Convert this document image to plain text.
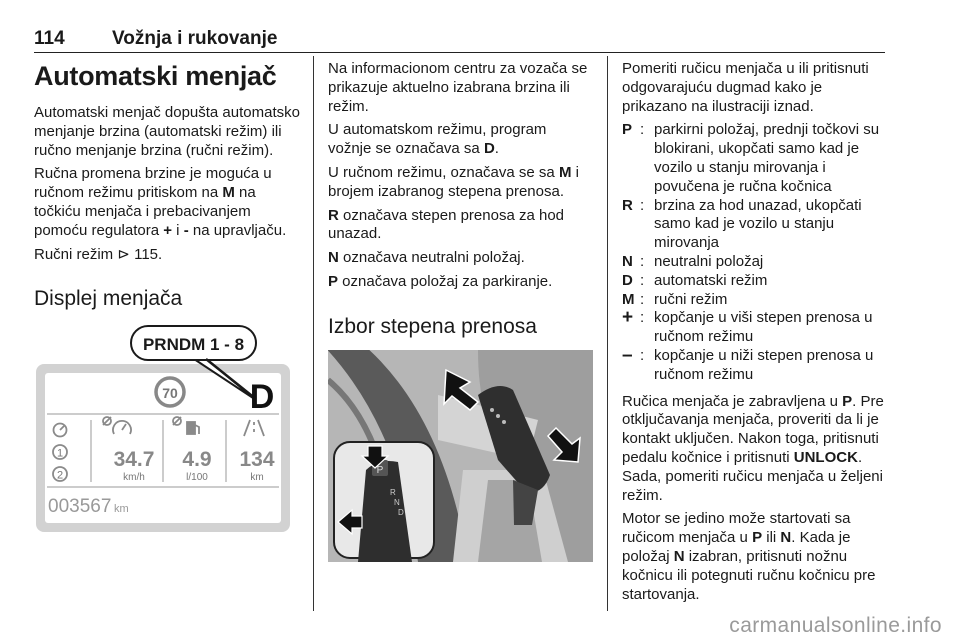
114 Vožnja i rukovanje
Automatski menjač

Automatski menjač dopušta automatsko menjanje brzina (automatski režim) ili ručno menjanje brzina (ručni režim).

Ručna promena brzine je moguća u ručnom režimu pritiskom na M na točkiću menjača i prebacivanjem pomoću regulatora + i - na upravljaču.

Ručni režim ⊳ 115.

Displej menjača
PRNDM 1 - 8
70 D
1
2
34.7
km/h
4.9
l/100
134
km
003567 km

Na informacionom centru za vozača se prikazuje aktuelno izabrana brzina ili režim.

U automatskom režimu, program vožnje se označava sa D.

U ručnom režimu, označava se sa M i brojem izabranog stepena prenosa.

R označava stepen prenosa za hod unazad.

N označava neutralni položaj.

P označava položaj za parkiranje.

Izbor stepena prenosa
P
R
N
D

Pomeriti ručicu menjača u ili pritisnuti odgovarajuću dugmad kako je prikazano na ilustraciji iznad.

P : parkirni položaj, prednji točkovi su blokirani, ukopčati samo kad je vozilo u stanju mirovanja i povučena je ručna kočnica
R : brzina za hod unazad, ukopčati samo kad je vozilo u stanju mirovanja
N : neutralni položaj
D : automatski režim
M : ručni režim
+ : kopčanje u viši stepen prenosa u ručnom režimu
– : kopčanje u niži stepen prenosa u ručnom režimu

Ručica menjača je zabravljena u P. Pre otključavanja menjača, proveriti da li je kontakt uključen. Nakon toga, pritisnuti pedalu kočnice i pritisnuti UNLOCK. Sada, pomeriti ručicu menjača u željeni režim.

Motor se jedino može startovati sa ručicom menjača u P ili N. Kada je položaj N izabran, pritisnuti nožnu kočnicu ili potegnuti ručnu kočnicu pre startovanja.

carmanualsonline.info
